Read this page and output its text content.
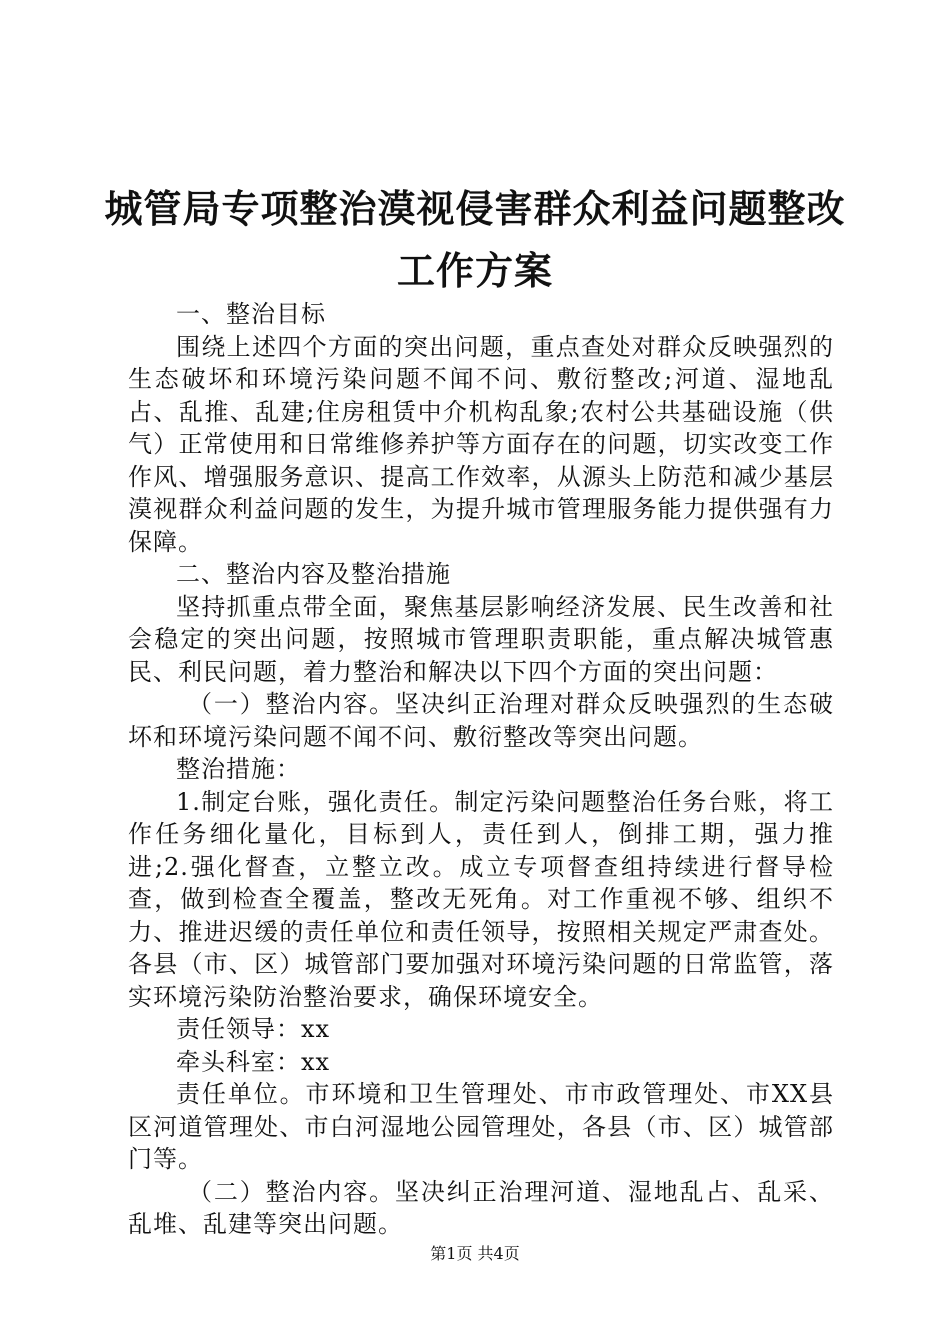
城管局专项整治漠视侵害群众利益问题整改工作方案

一、整治目标

围绕上述四个方面的突出问题，重点查处对群众反映强烈的生态破坏和环境污染问题不闻不问、敷衍整改;河道、湿地乱占、乱推、乱建;住房租赁中介机构乱象;农村公共基础设施（供气）正常使用和日常维修养护等方面存在的问题，切实改变工作作风、增强服务意识、提高工作效率，从源头上防范和减少基层漠视群众利益问题的发生，为提升城市管理服务能力提供强有力保障。

二、整治内容及整治措施

坚持抓重点带全面，聚焦基层影响经济发展、民生改善和社会稳定的突出问题，按照城市管理职责职能，重点解决城管惠民、利民问题，着力整治和解决以下四个方面的突出问题：

（一）整治内容。坚决纠正治理对群众反映强烈的生态破坏和环境污染问题不闻不问、敷衍整改等突出问题。

整治措施：

1.制定台账，强化责任。制定污染问题整治任务台账，将工作任务细化量化，目标到人，责任到人，倒排工期，强力推进;2.强化督查，立整立改。成立专项督查组持续进行督导检查，做到检查全覆盖，整改无死角。对工作重视不够、组织不力、推进迟缓的责任单位和责任领导，按照相关规定严肃查处。各县（市、区）城管部门要加强对环境污染问题的日常监管，落实环境污染防治整治要求，确保环境安全。

责任领导：xx

牵头科室：xx

责任单位。市环境和卫生管理处、市市政管理处、市XX县区河道管理处、市白河湿地公园管理处，各县（市、区）城管部门等。

（二）整治内容。坚决纠正治理河道、湿地乱占、乱采、乱堆、乱建等突出问题。

第1页 共4页
